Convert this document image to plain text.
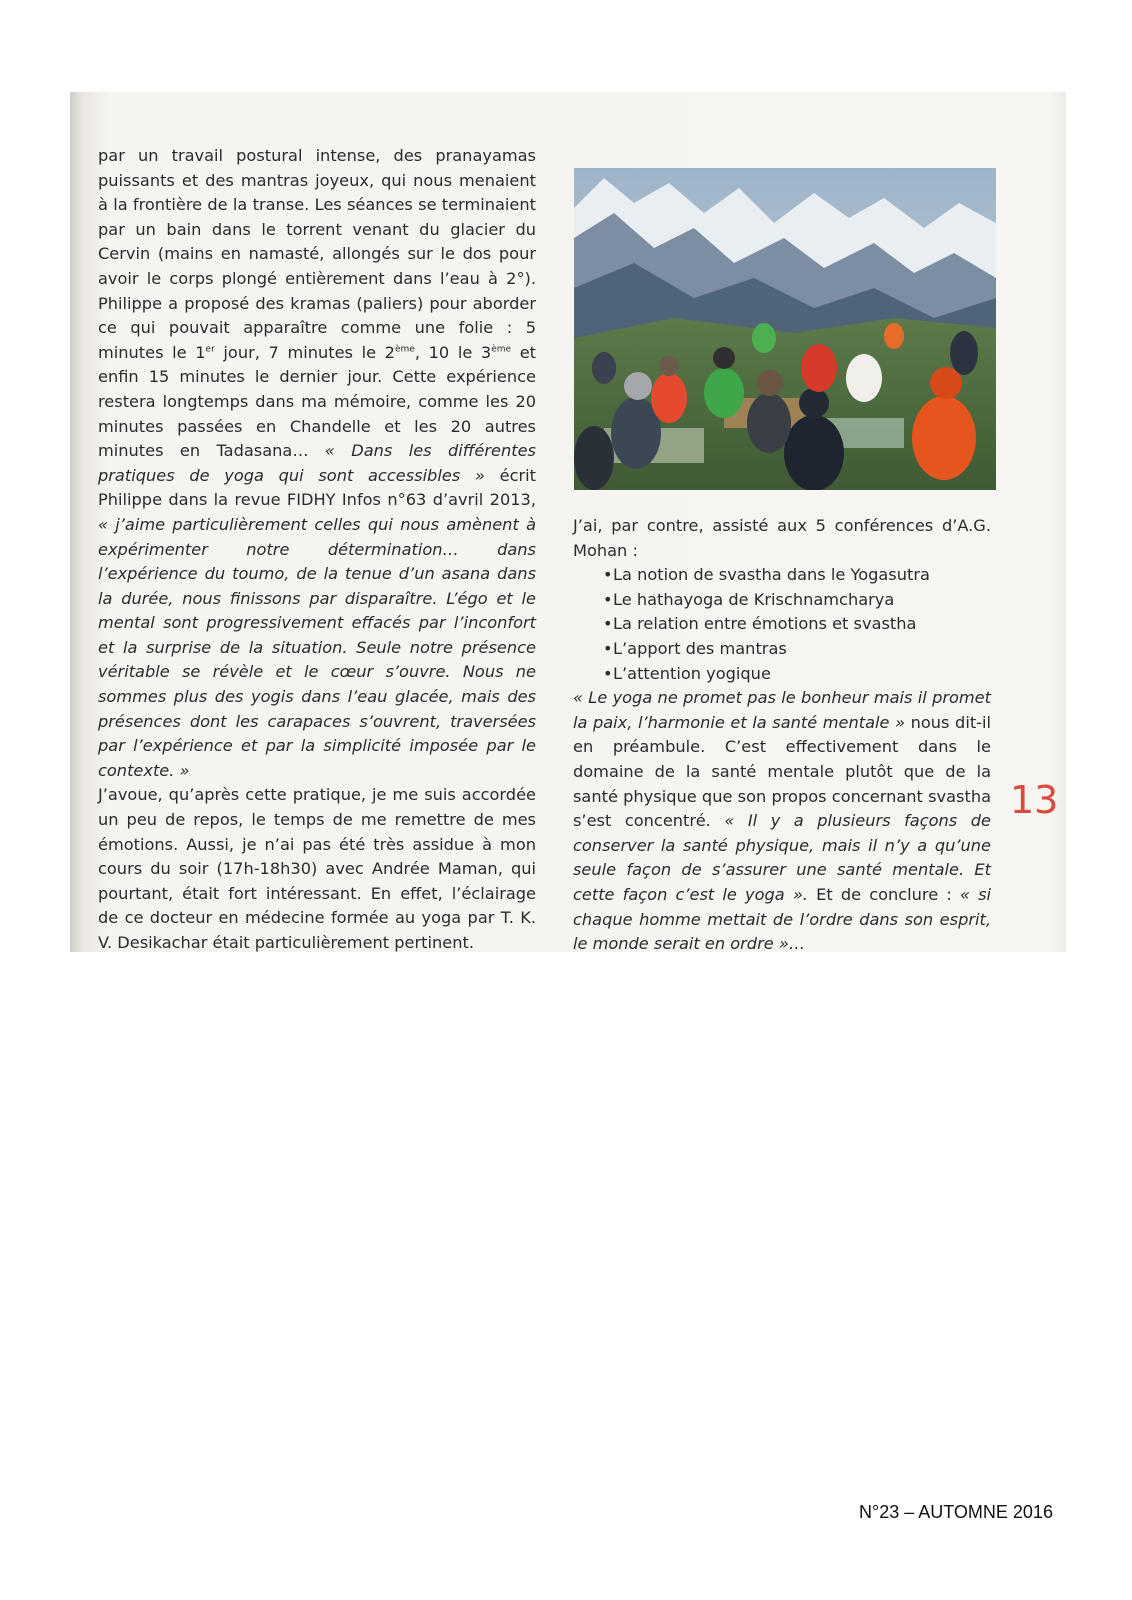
par un travail postural intense, des pranayamas puissants et des mantras joyeux, qui nous menaient à la frontière de la transe. Les séances se terminaient par un bain dans le torrent venant du glacier du Cervin (mains en namasté, allongés sur le dos pour avoir le corps plongé entièrement dans l’eau à 2°). Philippe a proposé des kramas (paliers) pour aborder ce qui pouvait apparaître comme une folie : 5 minutes le 1er jour, 7 minutes le 2ème, 10 le 3ème et enfin 15 minutes le dernier jour. Cette expérience restera longtemps dans ma mémoire, comme les 20 minutes passées en Chandelle et les 20 autres minutes en Tadasana… « Dans les différentes pratiques de yoga qui sont accessibles » écrit Philippe dans la revue FIDHY Infos n°63 d’avril 2013, « j’aime particulièrement celles qui nous amènent à expérimenter notre détermination… dans l’expérience du toumo, de la tenue d’un asana dans la durée, nous finissons par disparaître. L’égo et le mental sont progressivement effacés par l’inconfort et la surprise de la situation. Seule notre présence véritable se révèle et le cœur s’ouvre. Nous ne sommes plus des yogis dans l’eau glacée, mais des présences dont les carapaces s’ouvrent, traversées par l’expérience et par la simplicité imposée par le contexte. »

J’avoue, qu’après cette pratique, je me suis accordée un peu de repos, le temps de me remettre de mes émotions. Aussi, je n’ai pas été très assidue à mon cours du soir (17h-18h30) avec Andrée Maman, qui pourtant, était fort intéressant. En effet, l’éclairage de ce docteur en médecine formée au yoga par T. K. V. Desikachar était particulièrement pertinent.

J’ai, par contre, assisté aux 5 conférences d’A.G. Mohan :

•La notion de svastha dans le Yogasutra
•Le hathayoga de Krischnamcharya
•La relation entre émotions et svastha
•L’apport des mantras
•L’attention yogique

« Le yoga ne promet pas le bonheur mais il promet la paix, l’harmonie et la santé mentale » nous dit-il en préambule. C’est effectivement dans le domaine de la santé mentale plutôt que de la santé physique que son propos concernant svastha s’est concentré. « Il y a plusieurs façons de conserver la santé physique, mais il n’y a qu’une seule façon de s’assurer une santé mentale. Et cette façon c’est le yoga ». Et de conclure : « si chaque homme mettait de l’ordre dans son esprit, le monde serait en ordre »…

13
N°23 – AUTOMNE 2016
